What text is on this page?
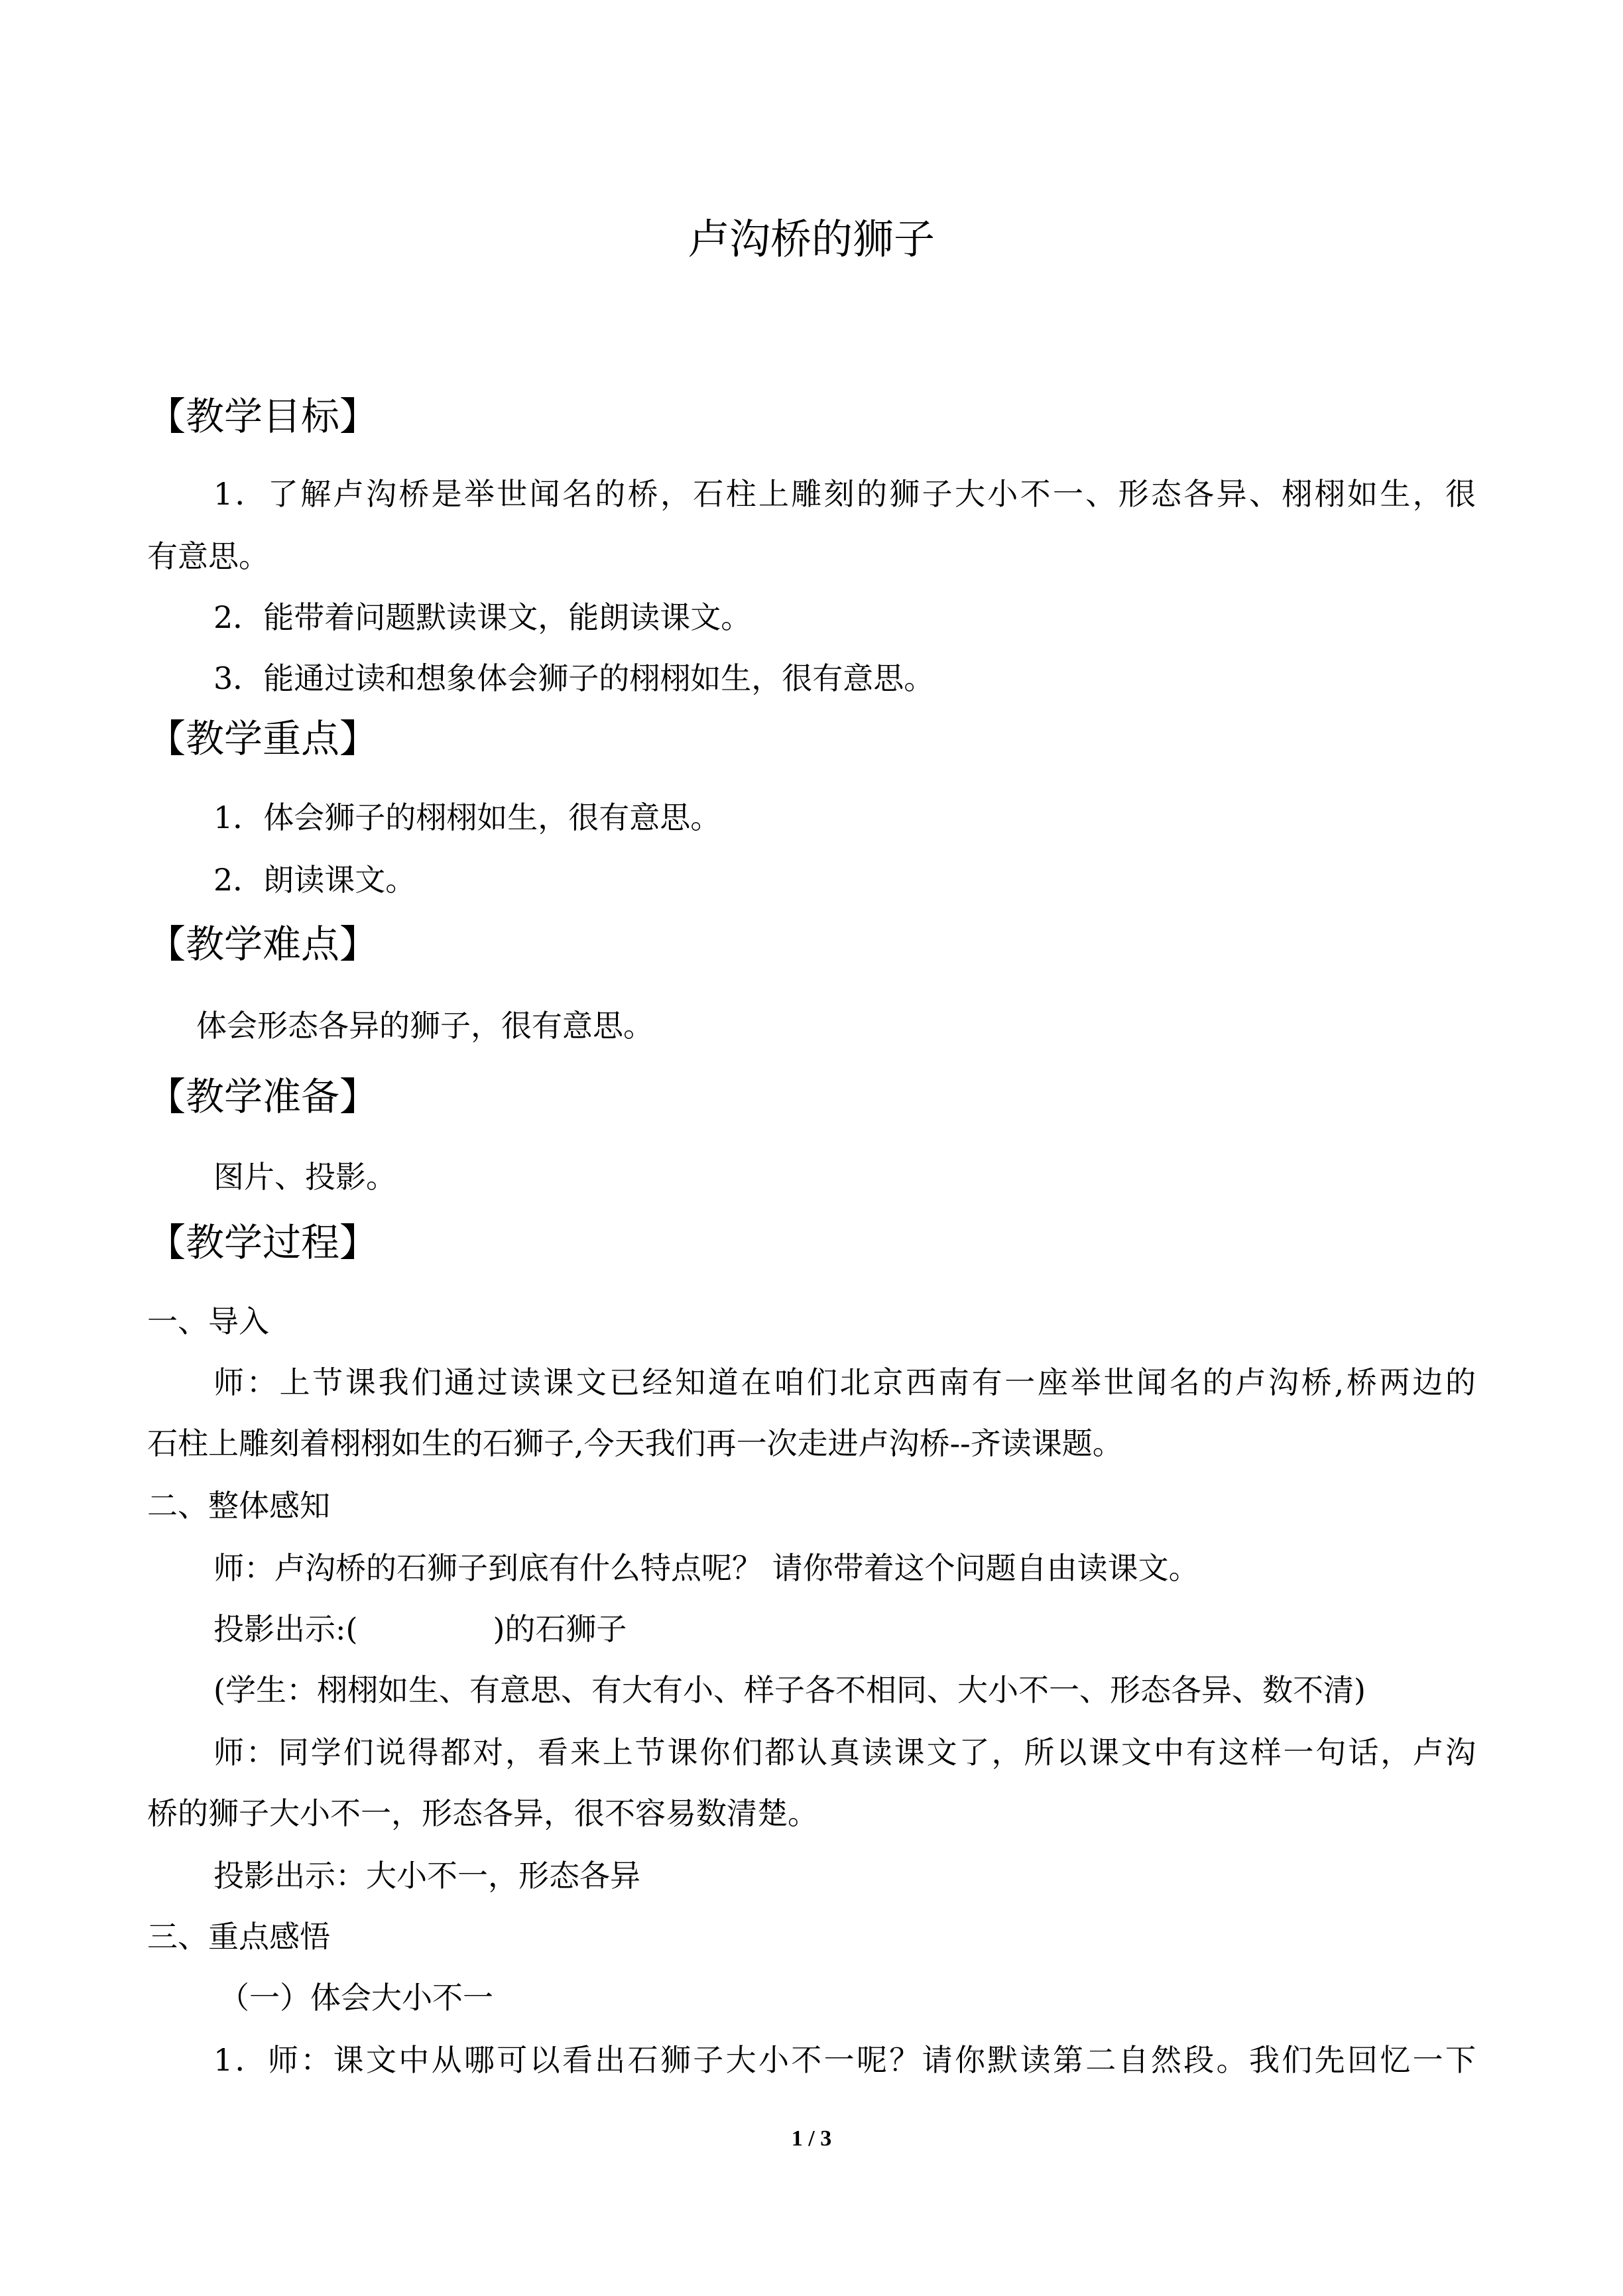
卢沟桥的狮子
【教学目标】
1．了解卢沟桥是举世闻名的桥，石柱上雕刻的狮子大小不一、形态各异、栩栩如生，很
有意思。
2．能带着问题默读课文，能朗读课文。
3．能通过读和想象体会狮子的栩栩如生，很有意思。
【教学重点】
1．体会狮子的栩栩如生，很有意思。
2．朗读课文。
【教学难点】
体会形态各异的狮子，很有意思。
【教学准备】
图片、投影。
【教学过程】
一、导入
师：上节课我们通过读课文已经知道在咱们北京西南有一座举世闻名的卢沟桥,桥两边的
石柱上雕刻着栩栩如生的石狮子,今天我们再一次走进卢沟桥--齐读课题。
二、整体感知
师：卢沟桥的石狮子到底有什么特点呢？ 请你带着这个问题自由读课文。
投影出示:(	)的石狮子
(学生：栩栩如生、有意思、有大有小、样子各不相同、大小不一、形态各异、数不清)
师：同学们说得都对，看来上节课你们都认真读课文了，所以课文中有这样一句话，卢沟
桥的狮子大小不一，形态各异，很不容易数清楚。
投影出示：大小不一，形态各异
三、重点感悟
（一）体会大小不一
1．师：课文中从哪可以看出石狮子大小不一呢？请你默读第二自然段。我们先回忆一下
1 / 3
